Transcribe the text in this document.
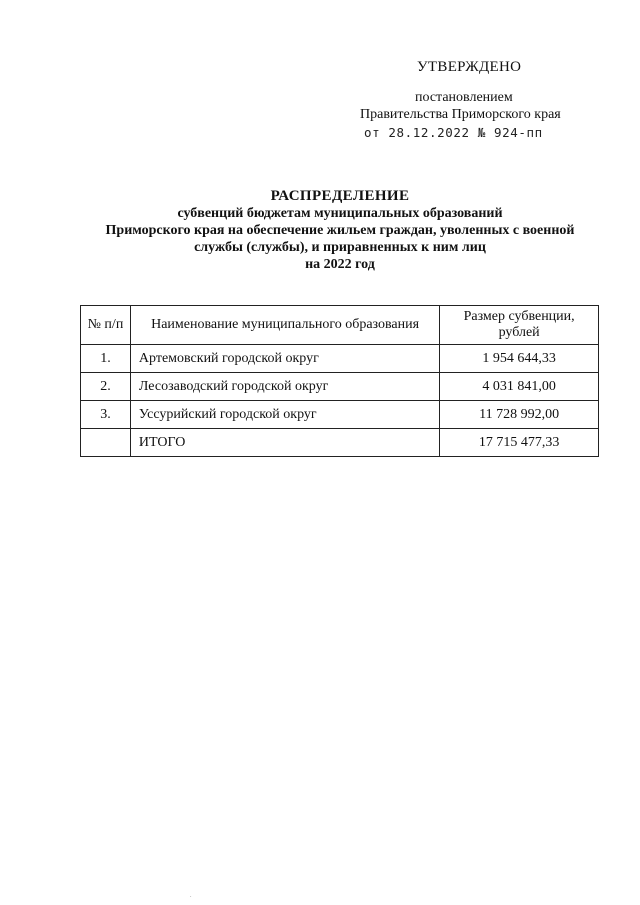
УТВЕРЖДЕНО
постановлением
Правительства Приморского края
от 28.12.2022 № 924-пп
РАСПРЕДЕЛЕНИЕ
субвенций бюджетам муниципальных образований
Приморского края на обеспечение жильем граждан, уволенных с военной
службы (службы), и приравненных к ним лиц
на 2022 год
№ п/п	Наименование муниципального образования	Размер субвенции, рублей
1.	Артемовский городской округ	1 954 644,33
2.	Лесозаводский городской округ	4 031 841,00
3.	Уссурийский городской округ	11 728 992,00
	ИТОГО	17 715 477,33
.
